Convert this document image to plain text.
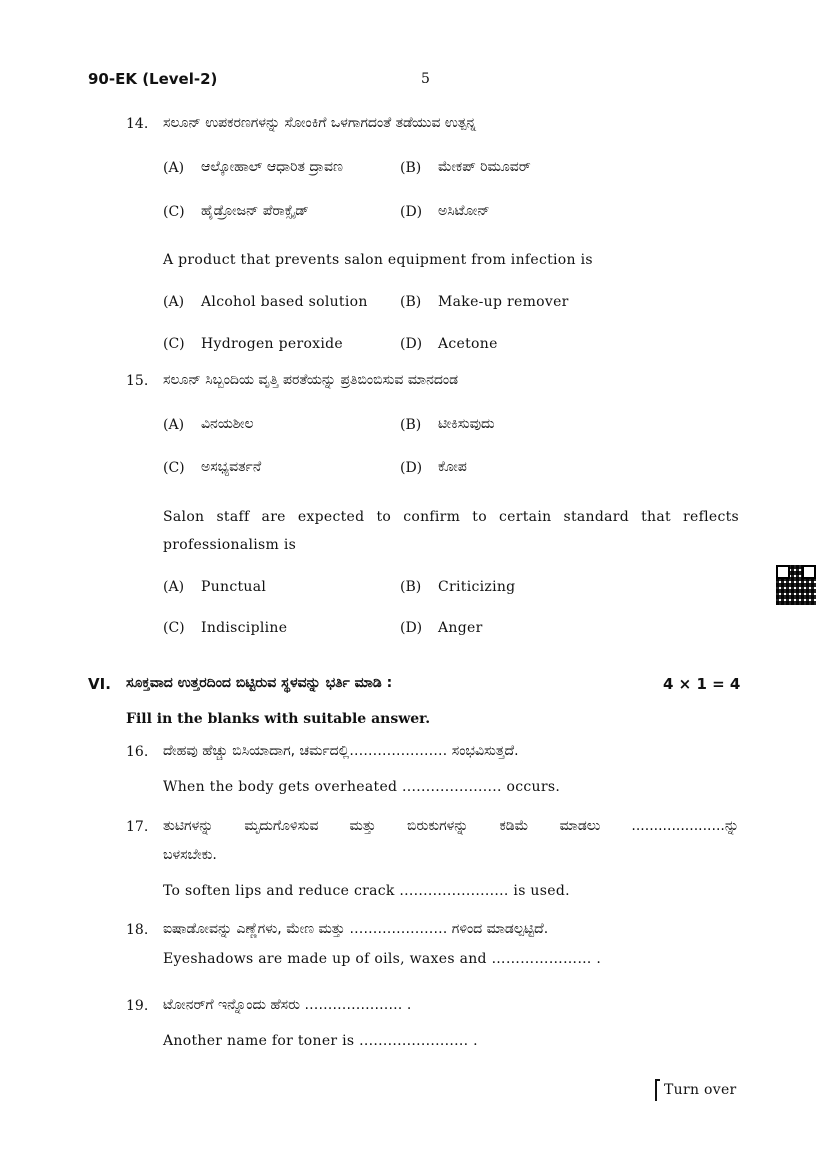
90-EK (Level-2)	5
14. ಸಲೂನ್ ಉಪಕರಣಗಳನ್ನು ಸೋಂಕಿಗೆ ಒಳಗಾಗದಂತೆ ತಡೆಯುವ ಉತ್ಪನ್ನ
(A) ಆಲ್ಕೋಹಾಲ್ ಆಧಾರಿತ ದ್ರಾವಣ	(B) ಮೇಕಪ್ ರಿಮೂವರ್
(C) ಹೈಡ್ರೋಜನ್ ಪೆರಾಕ್ಸೈಡ್	(D) ಅಸಿಟೋನ್
A product that prevents salon equipment from infection is
(A) Alcohol based solution (B) Make-up remover
(C) Hydrogen peroxide	(D) Acetone
15. ಸಲೂನ್ ಸಿಬ್ಬಂದಿಯ ವೃತ್ತಿ ಪರತೆಯನ್ನು ಪ್ರತಿಬಿಂಬಿಸುವ ಮಾನದಂಡ
(A) ವಿನಯಶೀಲ	(B) ಟೀಕಿಸುವುದು
(C) ಅಸಭ್ಯವರ್ತನೆ	(D) ಕೋಪ
Salon staff are expected to confirm to certain standard that reflects
professionalism is
(A) Punctual	(B) Criticizing
(C) Indiscipline	(D) Anger
VI. ಸೂಕ್ತವಾದ ಉತ್ತರದಿಂದ ಬಿಟ್ಟಿರುವ ಸ್ಥಳವನ್ನು ಭರ್ತಿ ಮಾಡಿ :	4 × 1 = 4
Fill in the blanks with suitable answer.
16. ದೇಹವು ಹೆಚ್ಚು ಬಿಸಿಯಾದಾಗ, ಚರ್ಮದಲ್ಲಿ………………… ಸಂಭವಿಸುತ್ತದೆ.
When the body gets overheated ..................... occurs.
17. ತುಟಿಗಳನ್ನು ಮೃದುಗೊಳಿಸುವ ಮತ್ತು ಬಿರುಕುಗಳನ್ನು ಕಡಿಮೆ ಮಾಡಲು .....................ನ್ನು
ಬಳಸಬೇಕು.
To soften lips and reduce crack ....................... is used.
18. ಐಷಾಡೋವನ್ನು ಎಣ್ಣೆಗಳು, ಮೇಣ ಮತ್ತು ………………… ಗಳಿಂದ ಮಾಡಲ್ಪಟ್ಟಿದೆ.
Eyeshadows are made up of oils, waxes and ………………… .
19. ಟೋನರ್‌ಗೆ ಇನ್ನೊಂದು ಹೆಸರು ………………… .
Another name for toner is ....................... .
Turn over
